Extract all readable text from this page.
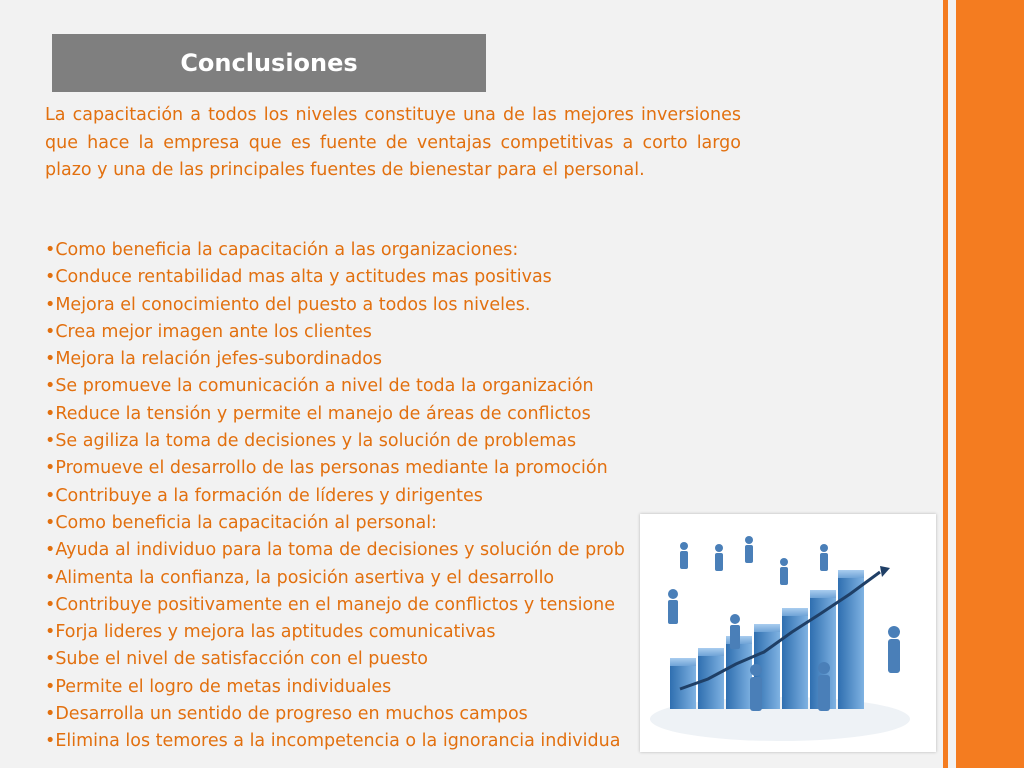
Conclusiones

La capacitación a todos los niveles constituye una de las mejores inversiones que hace la empresa que es fuente de ventajas competitivas a corto largo plazo y una de las principales fuentes de bienestar para el personal.

•Como beneficia la capacitación a las organizaciones:
•Conduce rentabilidad mas alta y actitudes mas positivas
•Mejora el conocimiento del puesto a todos los niveles.
•Crea mejor imagen ante los clientes
•Mejora la relación jefes-subordinados
•Se promueve la comunicación a nivel de toda la organización
•Reduce la tensión y permite el manejo de áreas de conflictos
•Se agiliza la toma de decisiones y la solución de problemas
•Promueve el desarrollo de las personas mediante la promoción
•Contribuye a la formación de líderes y dirigentes
•Como beneficia la capacitación al personal:
•Ayuda al individuo para la toma de decisiones y solución de prob
•Alimenta la confianza, la posición asertiva y el desarrollo
•Contribuye positivamente en el manejo de conflictos y tensione
•Forja lideres y mejora las aptitudes comunicativas
•Sube el nivel de satisfacción con el puesto
•Permite el logro de metas individuales
•Desarrolla un sentido de progreso en muchos campos
•Elimina los temores a la incompetencia o la ignorancia individua
